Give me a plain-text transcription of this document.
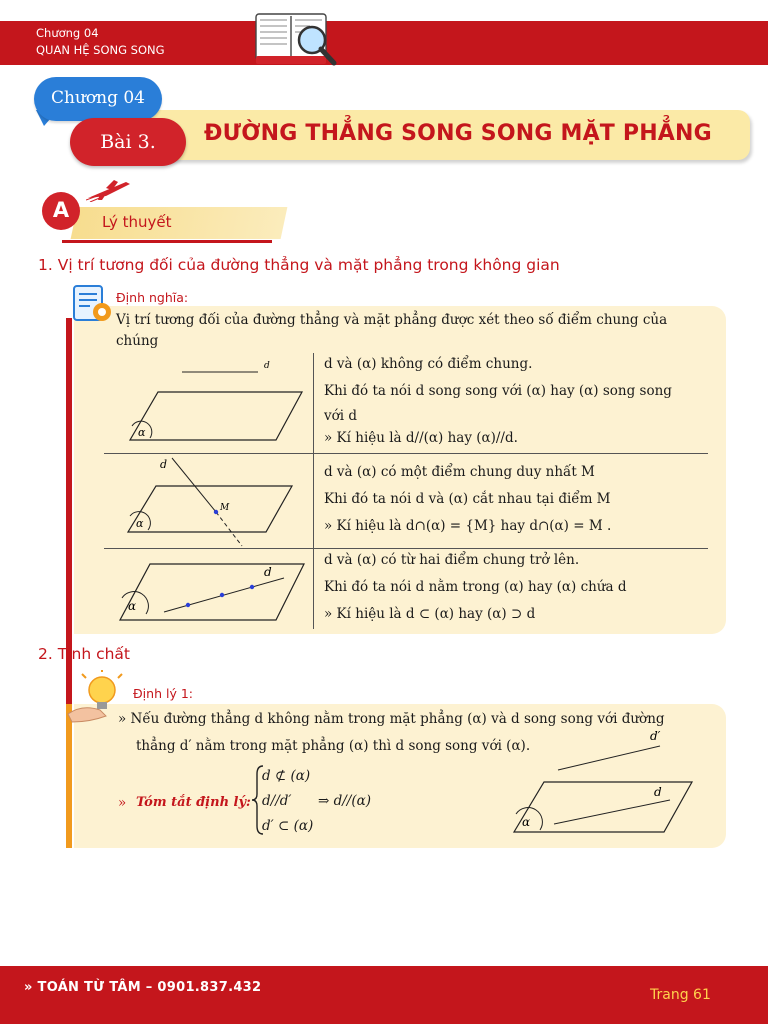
Chương 04
QUAN HỆ SONG SONG
Chương 04
Bài 3.	ĐƯỜNG THẲNG SONG SONG MẶT PHẲNG
A	Lý thuyết
1. Vị trí tương đối của đường thẳng và mặt phẳng trong không gian
Định nghĩa:
Vị trí tương đối của đường thẳng và mặt phẳng được xét theo số điểm chung của
chúng
d
α
d và (α) không có điểm chung.
Khi đó ta nói d song song với (α) hay (α) song song
với d
» Kí hiệu là d//(α) hay (α)//d.
d
M
α
d và (α) có một điểm chung duy nhất M
Khi đó ta nói d và (α) cắt nhau tại điểm M
» Kí hiệu là d∩(α) = {M} hay d∩(α) = M .
d
α
d và (α) có từ hai điểm chung trở lên.
Khi đó ta nói d nằm trong (α) hay (α) chứa d
» Kí hiệu là d ⊂ (α) hay (α) ⊃ d
2. Tính chất
Định lý 1:
» Nếu đường thẳng d không nằm trong mặt phẳng (α) và d song song với đường
thẳng d′ nằm trong mặt phẳng (α) thì d song song với (α).
» Tóm tắt định lý:
d ⊄ (α)
d//d′
d′ ⊂ (α)
⇒ d//(α)
d′
d
α
» TOÁN TỪ TÂM – 0901.837.432	Trang 61
